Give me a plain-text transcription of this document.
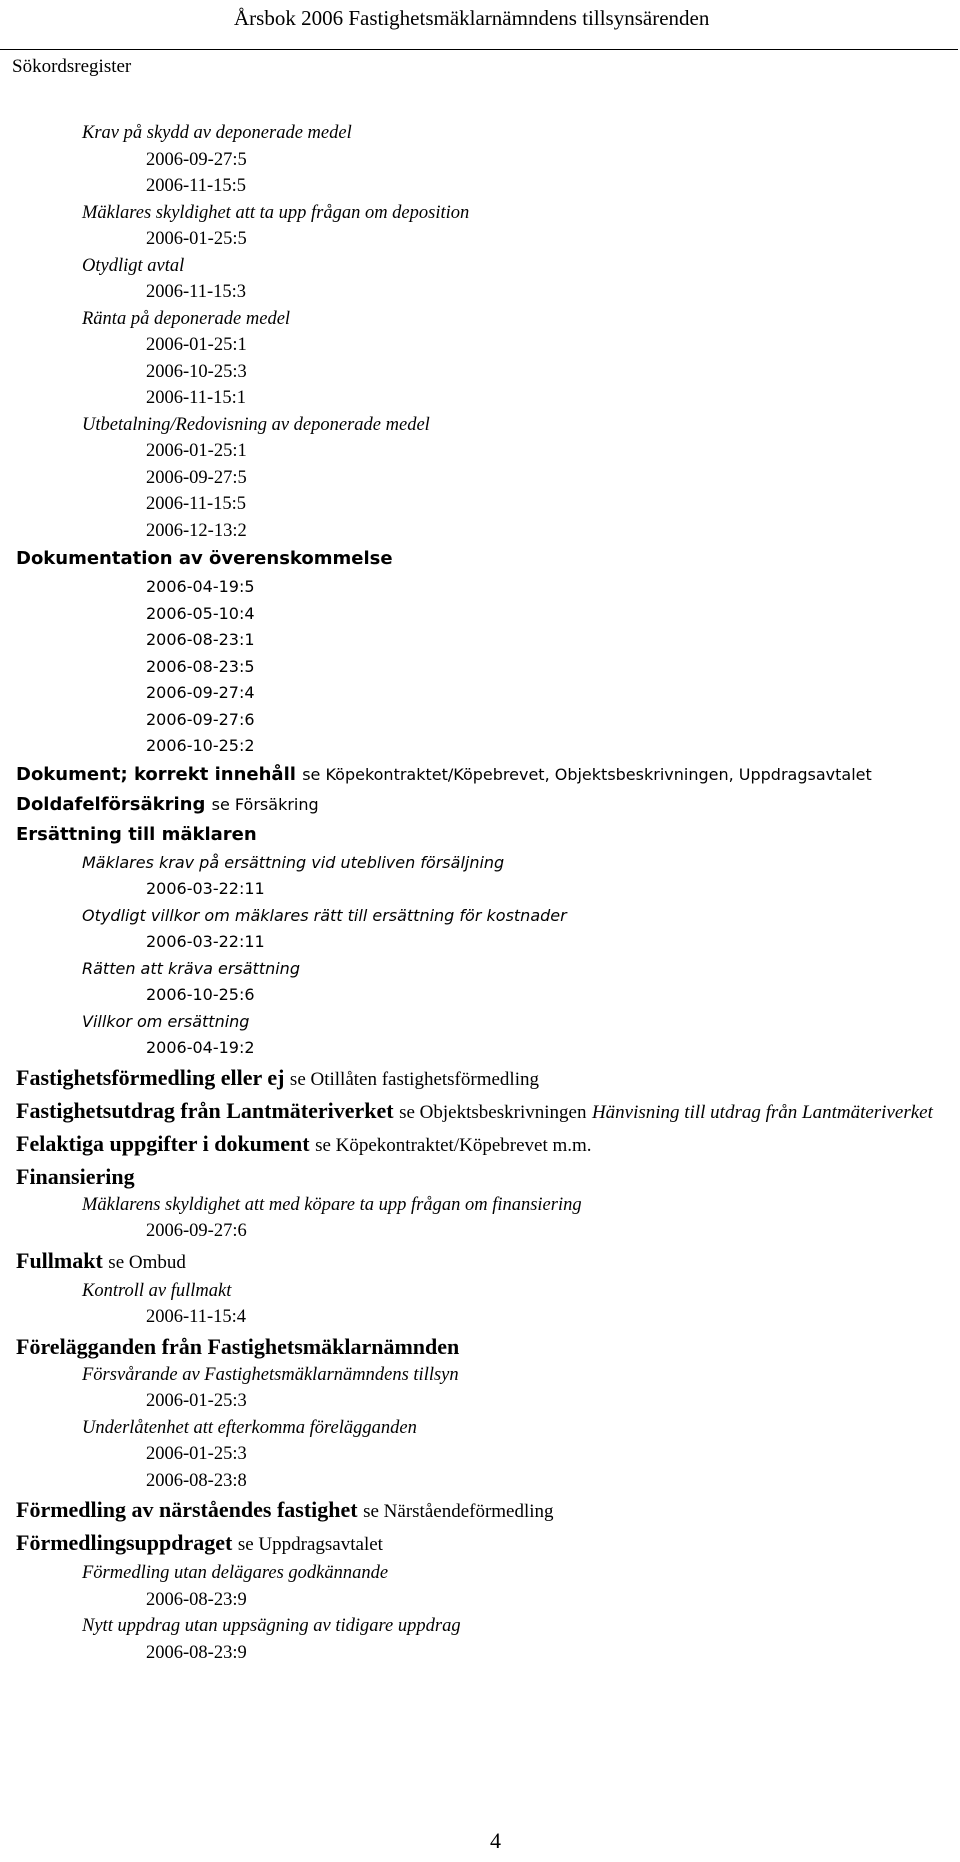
Årsbok 2006 Fastighetsmäklarnämndens tillsynsärenden
Sökordsregister
Krav på skydd av deponerade medel
2006-09-27:5
2006-11-15:5
Mäklares skyldighet att ta upp frågan om deposition
2006-01-25:5
Otydligt avtal
2006-11-15:3
Ränta på deponerade medel
2006-01-25:1
2006-10-25:3
2006-11-15:1
Utbetalning/Redovisning av deponerade medel
2006-01-25:1
2006-09-27:5
2006-11-15:5
2006-12-13:2
Dokumentation av överenskommelse
2006-04-19:5
2006-05-10:4
2006-08-23:1
2006-08-23:5
2006-09-27:4
2006-09-27:6
2006-10-25:2
Dokument; korrekt innehåll se Köpekontraktet/Köpebrevet, Objektsbeskrivningen, Uppdragsavtalet
Doldafelförsäkring se Försäkring
Ersättning till mäklaren
Mäklares krav på ersättning vid utebliven försäljning
2006-03-22:11
Otydligt villkor om mäklares rätt till ersättning för kostnader
2006-03-22:11
Rätten att kräva ersättning
2006-10-25:6
Villkor om ersättning
2006-04-19:2
Fastighetsförmedling eller ej se Otillåten fastighetsförmedling
Fastighetsutdrag från Lantmäteriverket se Objektsbeskrivningen Hänvisning till utdrag från Lantmäteriverket
Felaktiga uppgifter i dokument se Köpekontraktet/Köpebrevet m.m.
Finansiering
Mäklarens skyldighet att med köpare ta upp frågan om finansiering
2006-09-27:6
Fullmakt se Ombud
Kontroll av fullmakt
2006-11-15:4
Förelägganden från Fastighetsmäklarnämnden
Försvårande av Fastighetsmäklarnämndens tillsyn
2006-01-25:3
Underlåtenhet att efterkomma förelägganden
2006-01-25:3
2006-08-23:8
Förmedling av närståendes fastighet se Närståendeförmedling
Förmedlingsuppdraget se Uppdragsavtalet
Förmedling utan delägares godkännande
2006-08-23:9
Nytt uppdrag utan uppsägning av tidigare uppdrag
2006-08-23:9
4
